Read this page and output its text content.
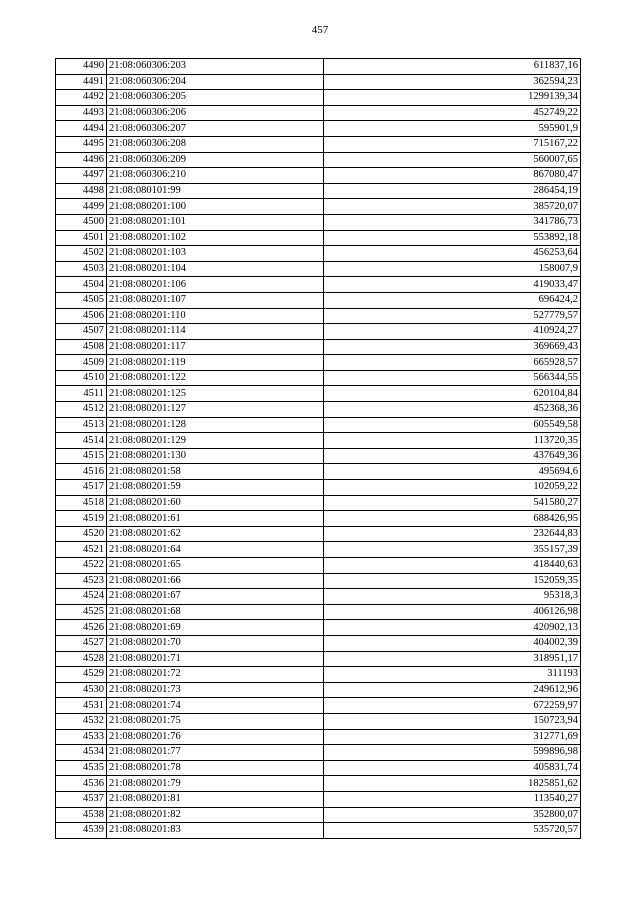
457
4490	21:08:060306:203	611837,16
4491	21:08:060306:204	362594,23
4492	21:08:060306:205	1299139,34
4493	21:08:060306:206	452749,22
4494	21:08:060306:207	595901,9
4495	21:08:060306:208	715167,22
4496	21:08:060306:209	560007,65
4497	21:08:060306:210	867080,47
4498	21:08:080101:99	286454,19
4499	21:08:080201:100	385720,07
4500	21:08:080201:101	341786,73
4501	21:08:080201:102	553892,18
4502	21:08:080201:103	456253,64
4503	21:08:080201:104	158007,9
4504	21:08:080201:106	419033,47
4505	21:08:080201:107	696424,2
4506	21:08:080201:110	527779,57
4507	21:08:080201:114	410924,27
4508	21:08:080201:117	369669,43
4509	21:08:080201:119	665928,57
4510	21:08:080201:122	566344,55
4511	21:08:080201:125	620104,84
4512	21:08:080201:127	452368,36
4513	21:08:080201:128	605549,58
4514	21:08:080201:129	113720,35
4515	21:08:080201:130	437649,36
4516	21:08:080201:58	495694,6
4517	21:08:080201:59	102059,22
4518	21:08:080201:60	541580,27
4519	21:08:080201:61	688426,95
4520	21:08:080201:62	232644,83
4521	21:08:080201:64	355157,39
4522	21:08:080201:65	418440,63
4523	21:08:080201:66	152059,35
4524	21:08:080201:67	95318,3
4525	21:08:080201:68	406126,98
4526	21:08:080201:69	420902,13
4527	21:08:080201:70	404002,39
4528	21:08:080201:71	318951,17
4529	21:08:080201:72	311193
4530	21:08:080201:73	249612,96
4531	21:08:080201:74	672259,97
4532	21:08:080201:75	150723,94
4533	21:08:080201:76	312771,69
4534	21:08:080201:77	599896,98
4535	21:08:080201:78	405831,74
4536	21:08:080201:79	1825851,62
4537	21:08:080201:81	113540,27
4538	21:08:080201:82	352800,07
4539	21:08:080201:83	535720,57
